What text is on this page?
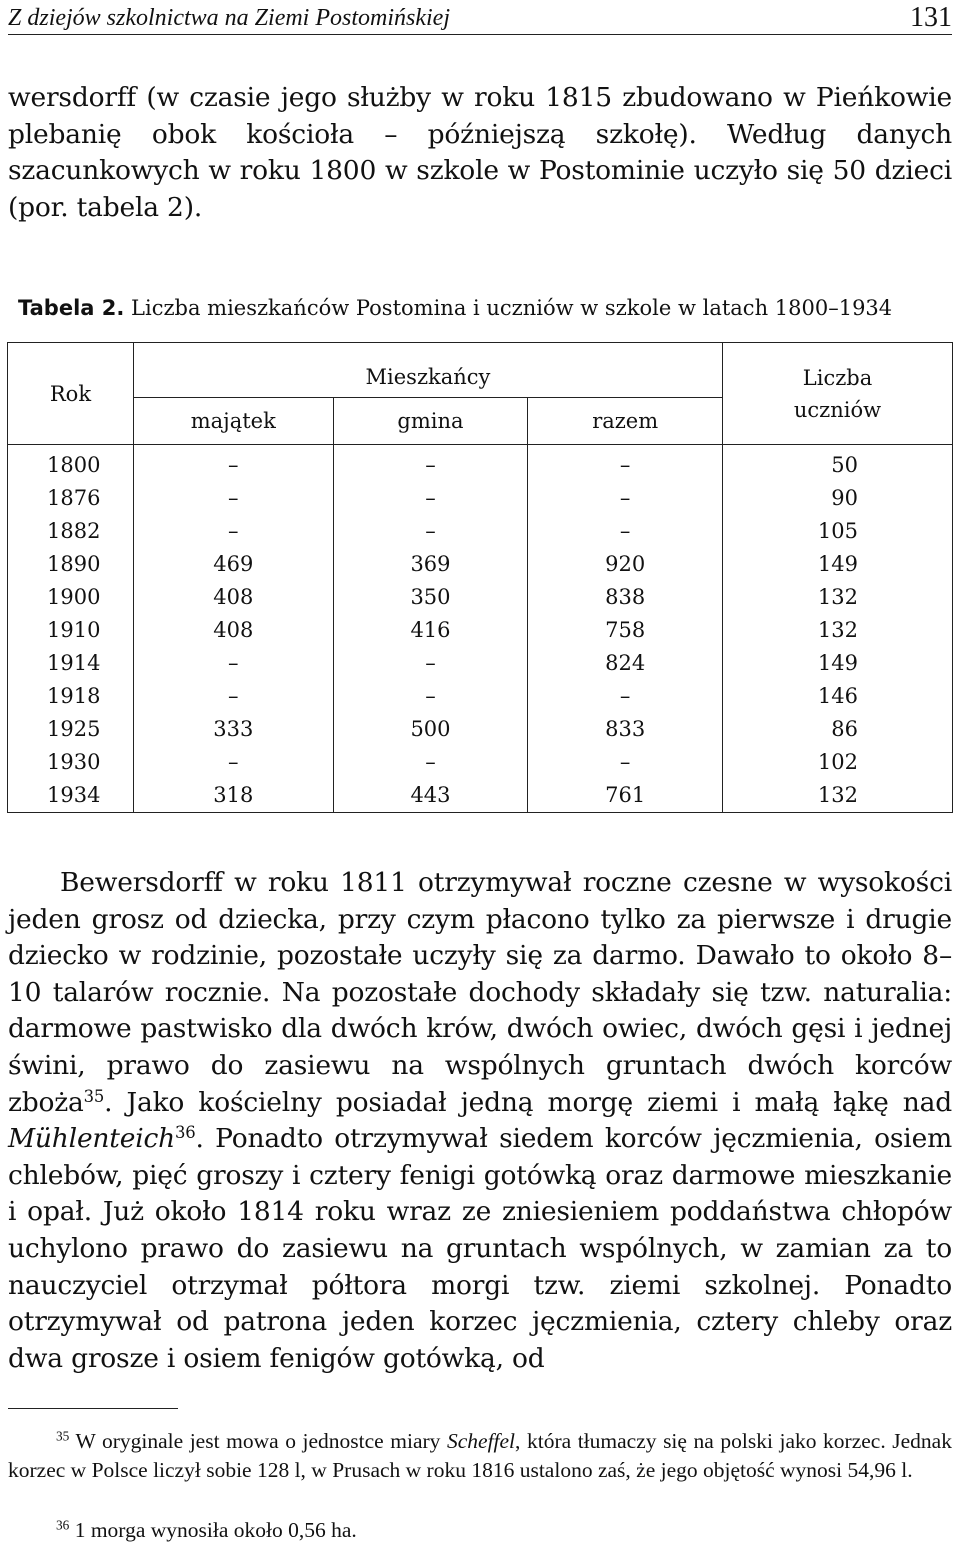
Z dziejów szkolnictwa na Ziemi Postomińskiej	131

wersdorff (w czasie jego służby w roku 1815 zbudowano w Pieńkowie plebanię obok kościoła – późniejszą szkołę). Według danych szacunkowych w roku 1800 w szkole w Postominie uczyło się 50 dzieci (por. tabela 2).

Tabela 2. Liczba mieszkańców Postomina i uczniów w szkole w latach 1800–1934
Rok	Mieszkańcy			Liczba uczniów
	majątek	gmina	razem	
1800	–	–	–	50
1876	–	–	–	90
1882	–	–	–	105
1890	469	369	920	149
1900	408	350	838	132
1910	408	416	758	132
1914	–	–	824	149
1918	–	–	–	146
1925	333	500	833	86
1930	–	–	–	102
1934	318	443	761	132

Bewersdorff w roku 1811 otrzymywał roczne czesne w wysokości jeden grosz od dziecka, przy czym płacono tylko za pierwsze i drugie dziecko w rodzinie, pozostałe uczyły się za darmo. Dawało to około 8–10 talarów rocznie. Na pozostałe dochody składały się tzw. naturalia: darmowe pastwisko dla dwóch krów, dwóch owiec, dwóch gęsi i jednej świni, prawo do zasiewu na wspólnych gruntach dwóch korców zboża$^{35}$. Jako kościelny posiadał jedną morgę ziemi i małą łąkę nad Mühlenteich$^{36}$. Ponadto otrzymywał siedem korców jęczmienia, osiem chlebów, pięć groszy i cztery fenigi gotówką oraz darmowe mieszkanie i opał. Już około 1814 roku wraz ze zniesieniem poddaństwa chłopów uchylono prawo do zasiewu na gruntach wspólnych, w zamian za to nauczyciel otrzymał półtora morgi tzw. ziemi szkolnej. Ponadto otrzymywał od patrona jeden korzec jęczmienia, cztery chleby oraz dwa grosze i osiem fenigów gotówką, od

$^{35}$ W oryginale jest mowa o jednostce miary Scheffel, która tłumaczy się na polski jako korzec. Jednak korzec w Polsce liczył sobie 128 l, w Prusach w roku 1816 ustalono zaś, że jego objętość wynosi 54,96 l.

$^{36}$ 1 morga wynosiła około 0,56 ha.
